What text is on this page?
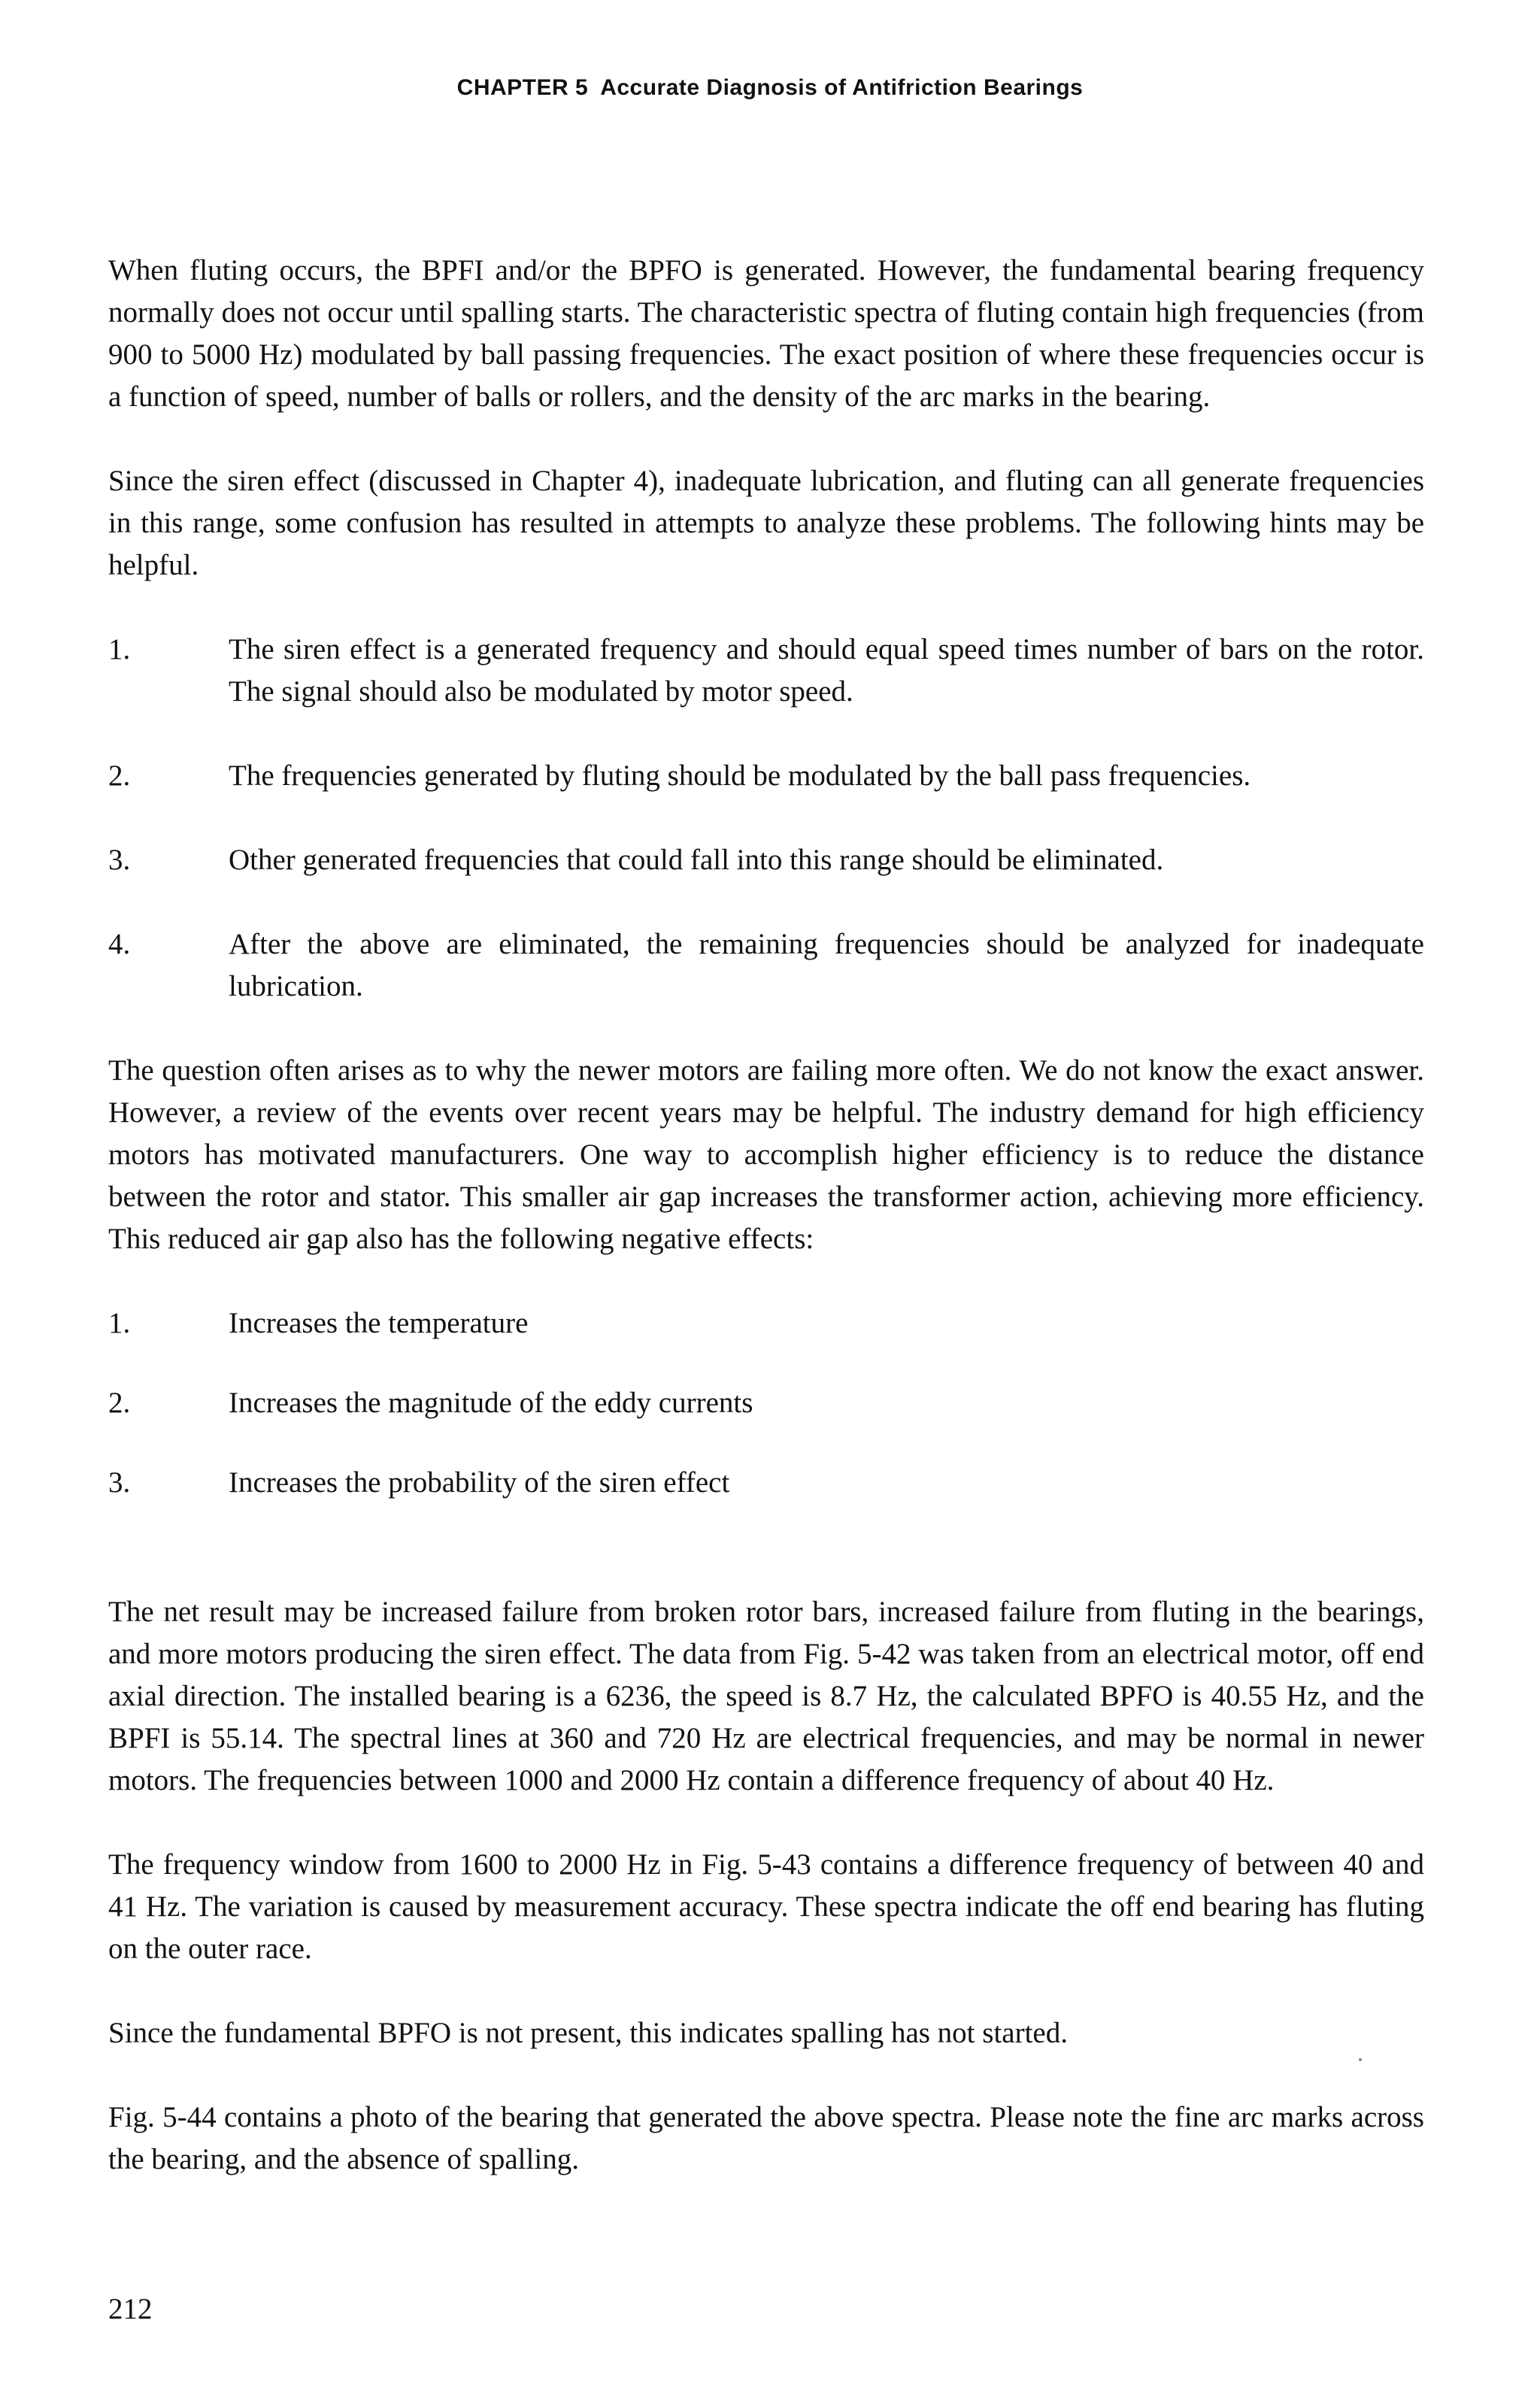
CHAPTER 5 Accurate Diagnosis of Antifriction Bearings

When fluting occurs, the BPFI and/or the BPFO is generated. However, the fundamental bearing frequency normally does not occur until spalling starts. The characteristic spectra of fluting contain high frequencies (from 900 to 5000 Hz) modulated by ball passing frequencies. The exact position of where these frequencies occur is a function of speed, number of balls or rollers, and the density of the arc marks in the bearing.

Since the siren effect (discussed in Chapter 4), inadequate lubrication, and fluting can all generate frequencies in this range, some confusion has resulted in attempts to analyze these problems. The following hints may be helpful.

1.	The siren effect is a generated frequency and should equal speed times number of bars on the rotor. The signal should also be modulated by motor speed.
2.	The frequencies generated by fluting should be modulated by the ball pass frequencies.
3.	Other generated frequencies that could fall into this range should be eliminated.
4.	After the above are eliminated, the remaining frequencies should be analyzed for inadequate lubrication.

The question often arises as to why the newer motors are failing more often. We do not know the exact answer. However, a review of the events over recent years may be helpful. The industry demand for high efficiency motors has motivated manufacturers. One way to accomplish higher efficiency is to reduce the distance between the rotor and stator. This smaller air gap increases the transformer action, achieving more efficiency. This reduced air gap also has the following negative effects:

1.	Increases the temperature
2.	Increases the magnitude of the eddy currents
3.	Increases the probability of the siren effect

The net result may be increased failure from broken rotor bars, increased failure from fluting in the bearings, and more motors producing the siren effect. The data from Fig. 5-42 was taken from an electrical motor, off end axial direction. The installed bearing is a 6236, the speed is 8.7 Hz, the calculated BPFO is 40.55 Hz, and the BPFI is 55.14. The spectral lines at 360 and 720 Hz are electrical frequencies, and may be normal in newer motors. The frequencies between 1000 and 2000 Hz contain a difference frequency of about 40 Hz.

The frequency window from 1600 to 2000 Hz in Fig. 5-43 contains a difference frequency of between 40 and 41 Hz. The variation is caused by measurement accuracy. These spectra indicate the off end bearing has fluting on the outer race.

Since the fundamental BPFO is not present, this indicates spalling has not started.

Fig. 5-44 contains a photo of the bearing that generated the above spectra. Please note the fine arc marks across the bearing, and the absence of spalling.

212
